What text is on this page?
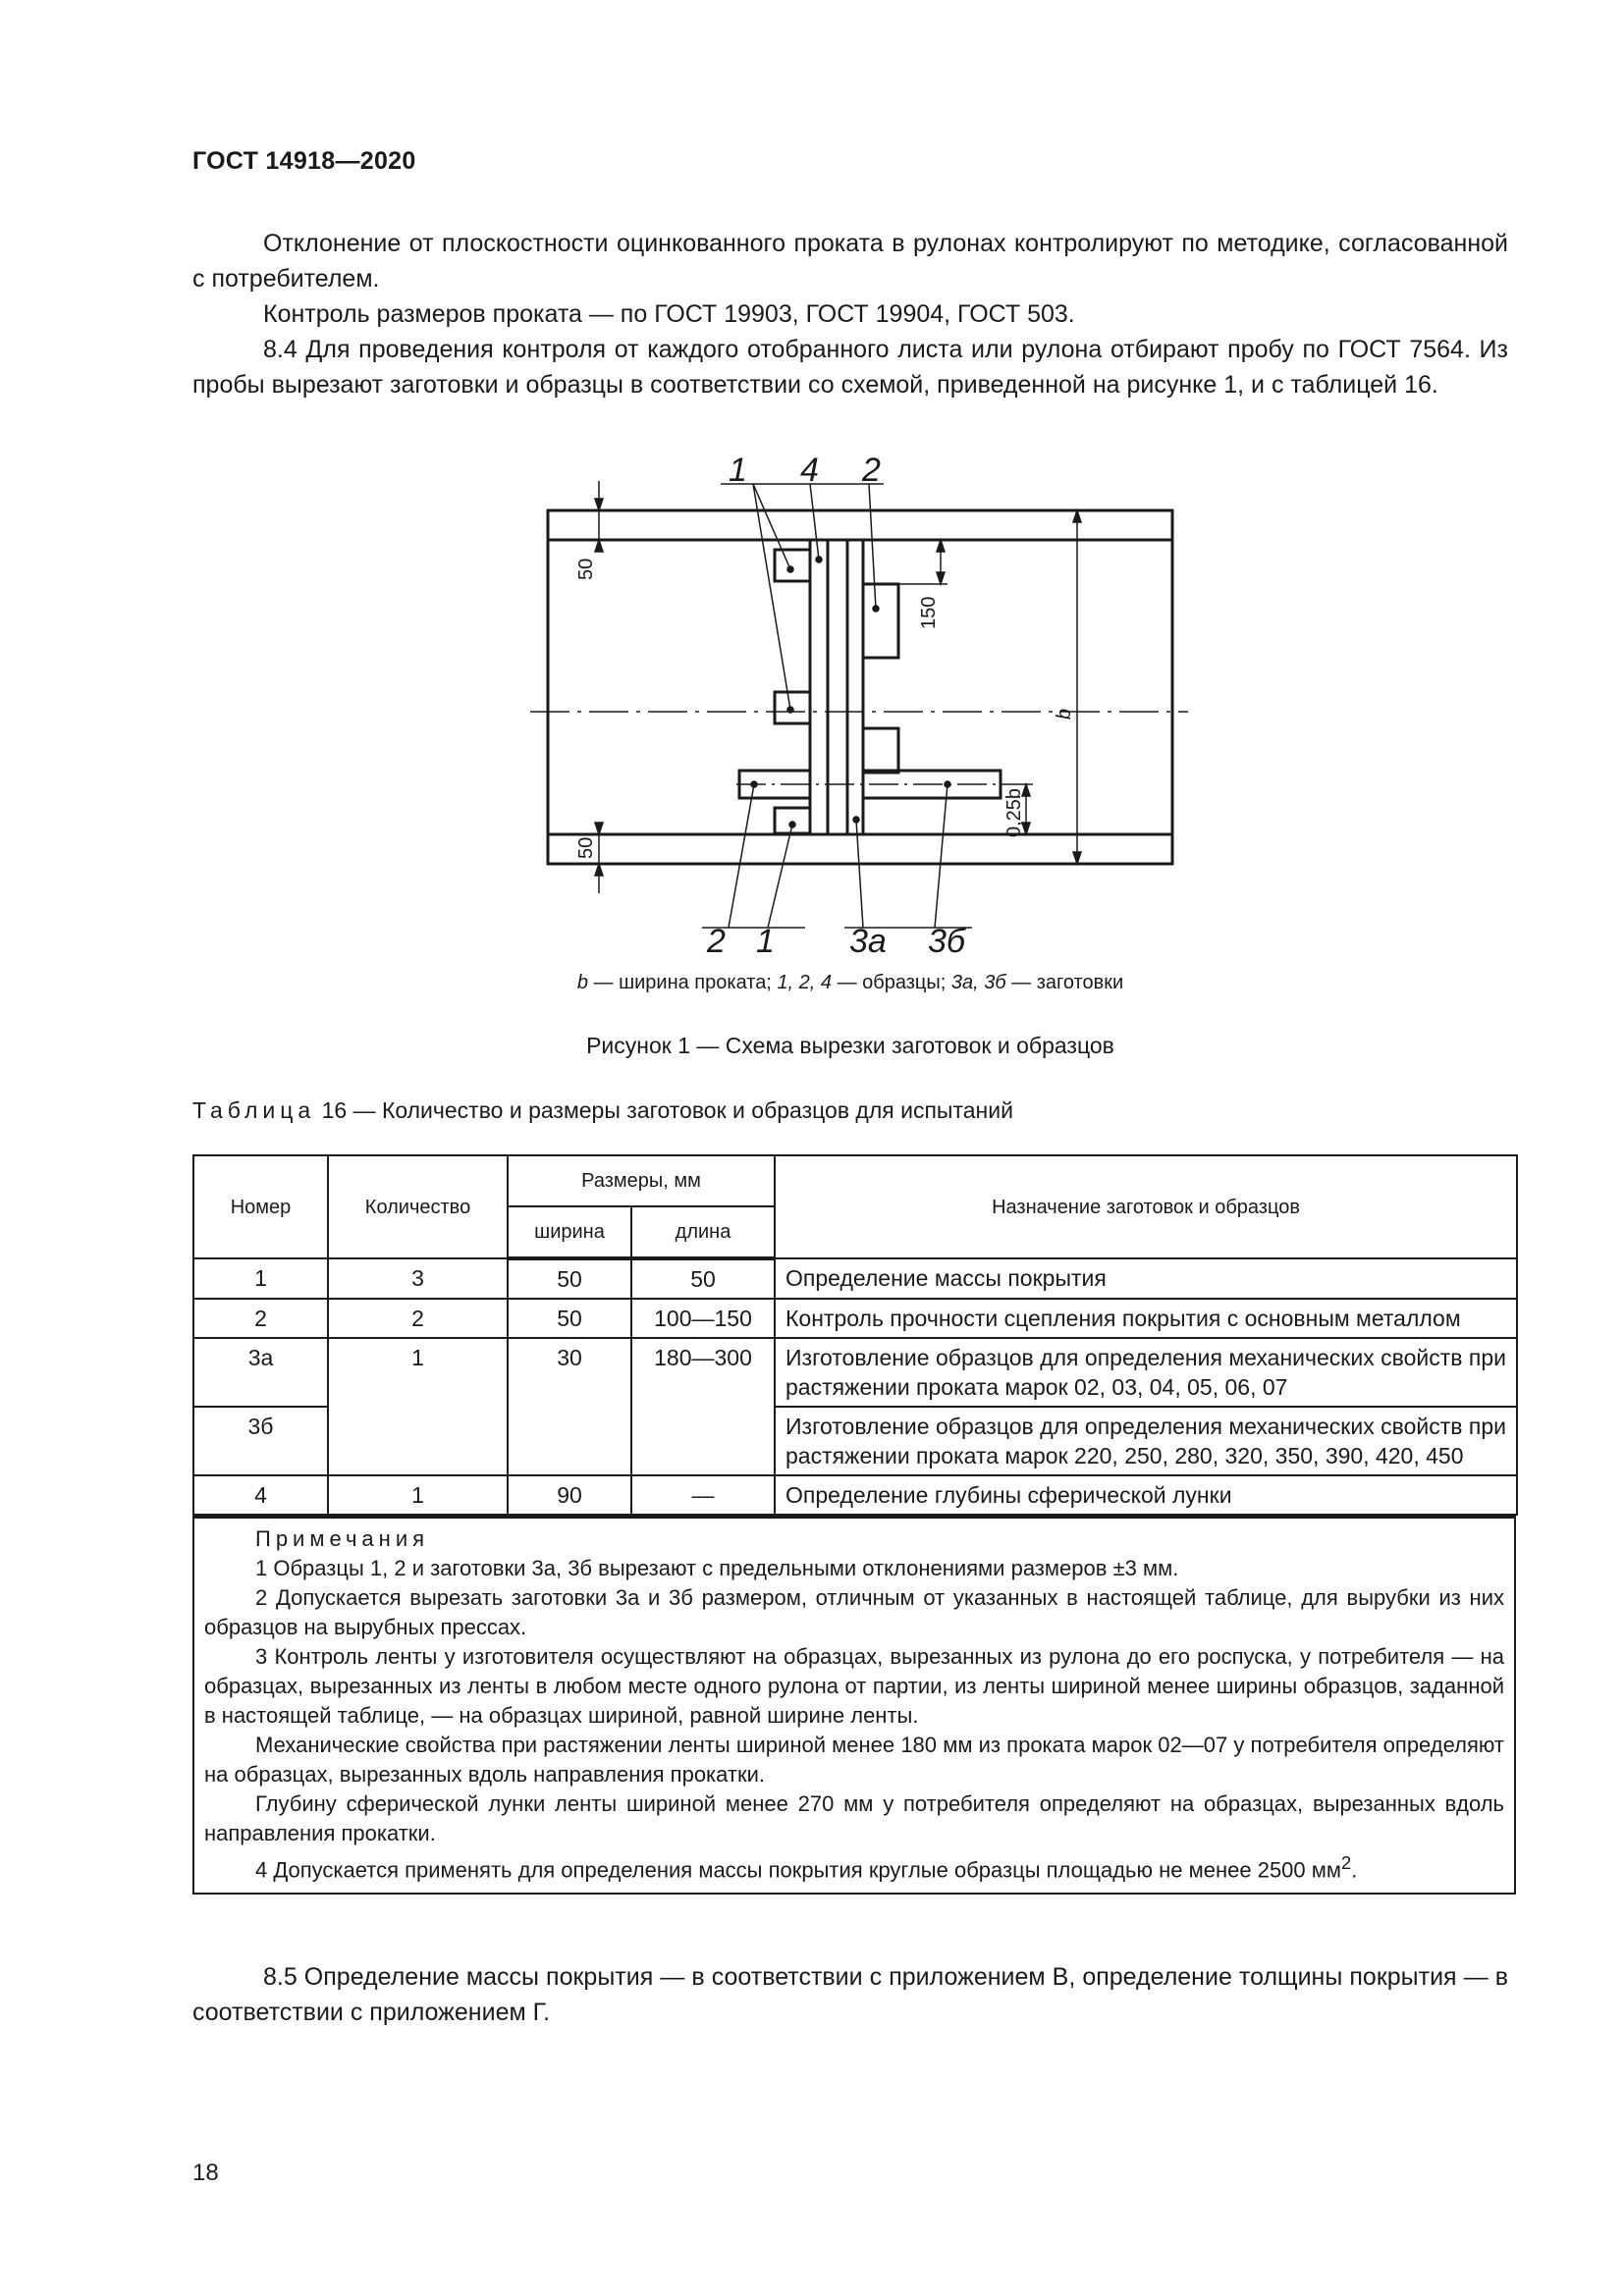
ГОСТ 14918—2020

Отклонение от плоскостности оцинкованного проката в рулонах контролируют по методике, согласованной с потребителем.

Контроль размеров проката — по ГОСТ 19903, ГОСТ 19904, ГОСТ 503.

8.4 Для проведения контроля от каждого отобранного листа или рулона отбирают пробу по ГОСТ 7564. Из пробы вырезают заготовки и образцы в соответствии со схемой, приведенной на рисунке 1, и с таблицей 16.

1 4 2
2 1 3а 3б
50
50
150
b
0,25b
b — ширина проката; 1, 2, 4 — образцы; 3а, 3б — заготовки
Рисунок 1 — Схема вырезки заготовок и образцов
Таблица 16 — Количество и размеры заготовок и образцов для испытаний
Номер	Количество	Размеры, мм		Назначение заготовок и образцов
		ширина	длина	
1	3	50	50	Определение массы покрытия
2	2	50	100—150	Контроль прочности сцепления покрытия с основным металлом
3а	1	30	180—300	Изготовление образцов для определения механических свойств при растяжении проката марок 02, 03, 04, 05, 06, 07
3б				Изготовление образцов для определения механических свойств при растяжении проката марок 220, 250, 280, 320, 350, 390, 420, 450
4	1	90	—	Определение глубины сферической лунки
Примечания

1 Образцы 1, 2 и заготовки 3а, 3б вырезают с предельными отклонениями размеров ±3 мм.

2 Допускается вырезать заготовки 3а и 3б размером, отличным от указанных в настоящей таблице, для вырубки из них образцов на вырубных прессах.

3 Контроль ленты у изготовителя осуществляют на образцах, вырезанных из рулона до его роспуска, у потребителя — на образцах, вырезанных из ленты в любом месте одного рулона от партии, из ленты шириной менее ширины образцов, заданной в настоящей таблице, — на образцах шириной, равной ширине ленты.

Механические свойства при растяжении ленты шириной менее 180 мм из проката марок 02—07 у потребителя определяют на образцах, вырезанных вдоль направления прокатки.

Глубину сферической лунки ленты шириной менее 270 мм у потребителя определяют на образцах, вырезанных вдоль направления прокатки.

4 Допускается применять для определения массы покрытия круглые образцы площадью не менее 2500 $мм^2$.

8.5 Определение массы покрытия — в соответствии с приложением В, определение толщины покрытия — в соответствии с приложением Г.

18
